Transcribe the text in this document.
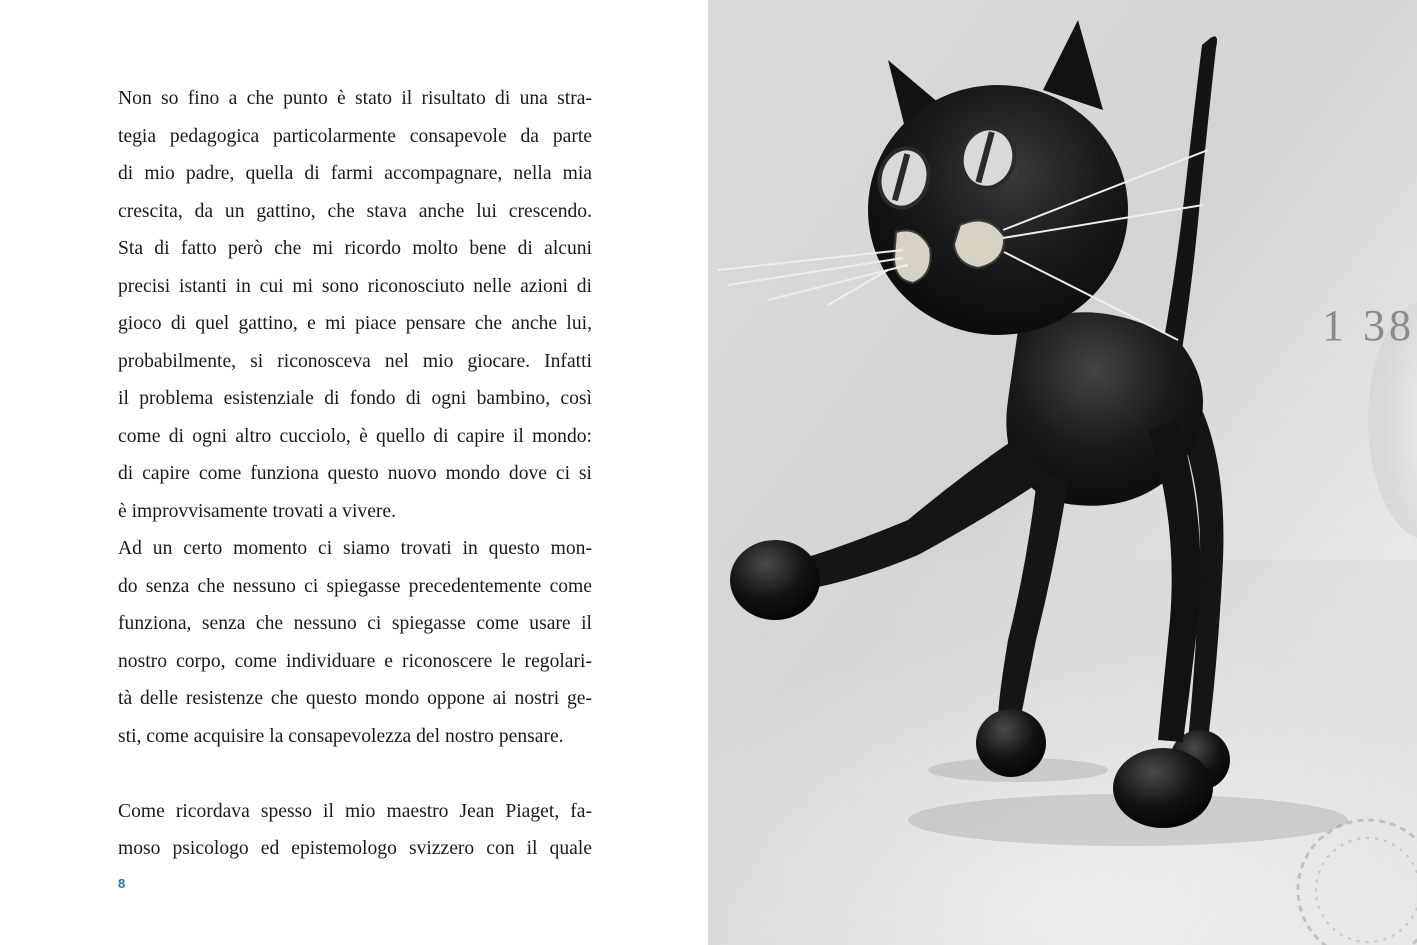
Non so fino a che punto è stato il risultato di una stra-
tegia pedagogica particolarmente consapevole da parte
di mio padre, quella di farmi accompagnare, nella mia
crescita, da un gattino, che stava anche lui crescendo.
Sta di fatto però che mi ricordo molto bene di alcuni
precisi istanti in cui mi sono riconosciuto nelle azioni di
gioco di quel gattino, e mi piace pensare che anche lui,
probabilmente, si riconosceva nel mio giocare. Infatti
il problema esistenziale di fondo di ogni bambino, così
come di ogni altro cucciolo, è quello di capire il mondo:
di capire come funziona questo nuovo mondo dove ci si
è improvvisamente trovati a vivere.
Ad un certo momento ci siamo trovati in questo mon-
do senza che nessuno ci spiegasse precedentemente come
funziona, senza che nessuno ci spiegasse come usare il
nostro corpo, come individuare e riconoscere le regolari-
tà delle resistenze che questo mondo oppone ai nostri ge-
sti, come acquisire la consapevolezza del nostro pensare.
Come ricordava spesso il mio maestro Jean Piaget, fa-
moso psicologo ed epistemologo svizzero con il quale
8
1 38
